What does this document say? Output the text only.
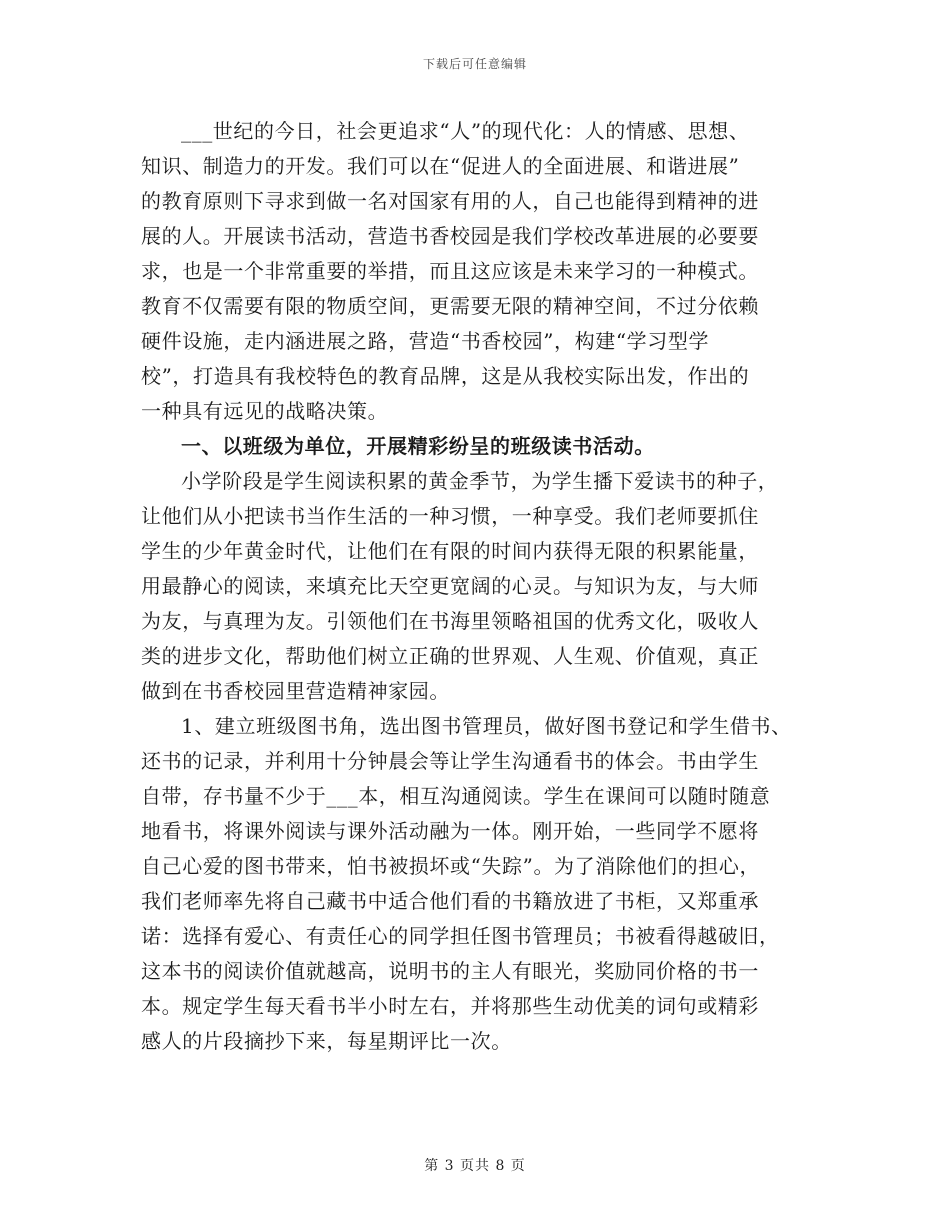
下载后可任意编辑
___世纪的今日，社会更追求“人”的现代化：人的情感、思想、
知识、制造力的开发。我们可以在“促进人的全面进展、和谐进展”
的教育原则下寻求到做一名对国家有用的人，自己也能得到精神的进
展的人。开展读书活动，营造书香校园是我们学校改革进展的必要要
求，也是一个非常重要的举措，而且这应该是未来学习的一种模式。
教育不仅需要有限的物质空间，更需要无限的精神空间，不过分依赖
硬件设施，走内涵进展之路，营造“书香校园”，构建“学习型学
校”，打造具有我校特色的教育品牌，这是从我校实际出发，作出的
一种具有远见的战略决策。
一、以班级为单位，开展精彩纷呈的班级读书活动。
小学阶段是学生阅读积累的黄金季节，为学生播下爱读书的种子，
让他们从小把读书当作生活的一种习惯，一种享受。我们老师要抓住
学生的少年黄金时代，让他们在有限的时间内获得无限的积累能量，
用最静心的阅读，来填充比天空更宽阔的心灵。与知识为友，与大师
为友，与真理为友。引领他们在书海里领略祖国的优秀文化，吸收人
类的进步文化，帮助他们树立正确的世界观、人生观、价值观，真正
做到在书香校园里营造精神家园。
1、建立班级图书角，选出图书管理员，做好图书登记和学生借书、
还书的记录，并利用十分钟晨会等让学生沟通看书的体会。书由学生
自带，存书量不少于___本，相互沟通阅读。学生在课间可以随时随意
地看书，将课外阅读与课外活动融为一体。刚开始，一些同学不愿将
自己心爱的图书带来，怕书被损坏或“失踪”。为了消除他们的担心，
我们老师率先将自己藏书中适合他们看的书籍放进了书柜，又郑重承
诺：选择有爱心、有责任心的同学担任图书管理员；书被看得越破旧，
这本书的阅读价值就越高，说明书的主人有眼光，奖励同价格的书一
本。规定学生每天看书半小时左右，并将那些生动优美的词句或精彩
感人的片段摘抄下来，每星期评比一次。
第 3 页共 8 页
